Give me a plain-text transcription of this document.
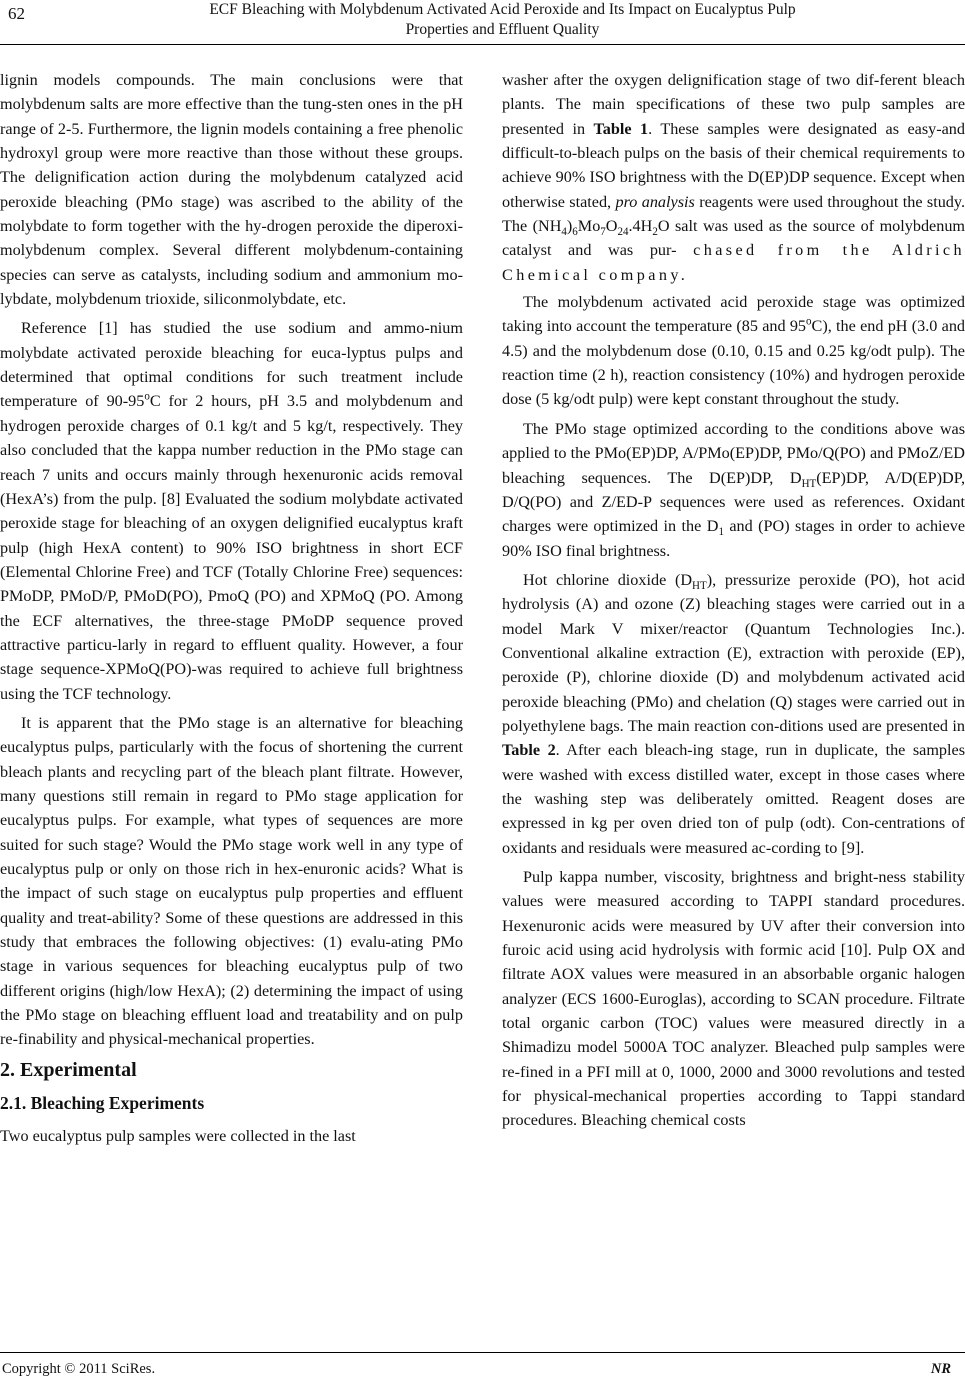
62	ECF Bleaching with Molybdenum Activated Acid Peroxide and Its Impact on Eucalyptus Pulp
Properties and Effluent Quality

lignin models compounds. The main conclusions were that molybdenum salts are more effective than the tung-sten ones in the pH range of 2-5. Furthermore, the lignin models containing a free phenolic hydroxyl group were more reactive than those without these groups. The delignification action during the molybdenum catalyzed acid peroxide bleaching (PMo stage) was ascribed to the ability of the molybdate to form together with the hy-drogen peroxide the diperoxi-molybdenum complex. Several different molybdenum-containing species can serve as catalysts, including sodium and ammonium mo-lybdate, molybdenum trioxide, siliconmolybdate, etc.

Reference [1] has studied the use sodium and ammo-nium molybdate activated peroxide bleaching for euca-lyptus pulps and determined that optimal conditions for such treatment include temperature of 90-95$^o$C for 2 hours, pH 3.5 and molybdenum and hydrogen peroxide charges of 0.1 kg/t and 5 kg/t, respectively. They also concluded that the kappa number reduction in the PMo stage can reach 7 units and occurs mainly through hexenuronic acids removal (HexA’s) from the pulp. [8] Evaluated the sodium molybdate activated peroxide stage for bleaching of an oxygen delignified eucalyptus kraft pulp (high HexA content) to 90% ISO brightness in short ECF (Elemental Chlorine Free) and TCF (Totally Chlorine Free) sequences: PMoDP, PMoD/P, PMoD(PO), PmoQ (PO) and XPMoQ (PO. Among the ECF alternatives, the three-stage PMoDP sequence proved attractive particu-larly in regard to effluent quality. However, a four stage sequence-XPMoQ(PO)-was required to achieve full brightness using the TCF technology.

It is apparent that the PMo stage is an alternative for bleaching eucalyptus pulps, particularly with the focus of shortening the current bleach plants and recycling part of the bleach plant filtrate. However, many questions still remain in regard to PMo stage application for eucalyptus pulps. For example, what types of sequences are more suited for such stage? Would the PMo stage work well in any type of eucalyptus pulp or only on those rich in hex-enuronic acids? What is the impact of such stage on eucalyptus pulp properties and effluent quality and treat-ability? Some of these questions are addressed in this study that embraces the following objectives: (1) evalu-ating PMo stage in various sequences for bleaching eucalyptus pulp of two different origins (high/low HexA); (2) determining the impact of using the PMo stage on bleaching effluent load and treatability and on pulp re-finability and physical-mechanical properties.

2. Experimental
2.1. Bleaching Experiments

Two eucalyptus pulp samples were collected in the last

washer after the oxygen delignification stage of two dif-ferent bleach plants. The main specifications of these two pulp samples are presented in Table 1. These samples were designated as easy-and difficult-to-bleach pulps on the basis of their chemical requirements to achieve 90% ISO brightness with the D(EP)DP sequence. Except when otherwise stated, pro analysis reagents were used throughout the study. The $(NH_4)_6Mo_7O_{24}.4H_2O$ salt was used as the source of molybdenum catalyst and was pur- chased from the Aldrich Chemical company.

The molybdenum activated acid peroxide stage was optimized taking into account the temperature (85 and 95$^o$C), the end pH (3.0 and 4.5) and the molybdenum dose (0.10, 0.15 and 0.25 kg/odt pulp). The reaction time (2 h), reaction consistency (10%) and hydrogen peroxide dose (5 kg/odt pulp) were kept constant throughout the study.

The PMo stage optimized according to the conditions above was applied to the PMo(EP)DP, A/PMo(EP)DP, PMo/Q(PO) and PMoZ/ED bleaching sequences. The D(EP)DP, $D_{HT}(EP)DP$, A/D(EP)DP, D/Q(PO) and Z/ED-P sequences were used as references. Oxidant charges were optimized in the $D_1$ and (PO) stages in order to achieve 90% ISO final brightness.

Hot chlorine dioxide $(D_{HT})$, pressurize peroxide (PO), hot acid hydrolysis (A) and ozone (Z) bleaching stages were carried out in a model Mark V mixer/reactor (Quantum Technologies Inc.). Conventional alkaline extraction (E), extraction with peroxide (EP), peroxide (P), chlorine dioxide (D) and molybdenum activated acid peroxide bleaching (PMo) and chelation (Q) stages were carried out in polyethylene bags. The main reaction con-ditions used are presented in Table 2. After each bleach-ing stage, run in duplicate, the samples were washed with excess distilled water, except in those cases where the washing step was deliberately omitted. Reagent doses are expressed in kg per oven dried ton of pulp (odt). Con-centrations of oxidants and residuals were measured ac-cording to [9].

Pulp kappa number, viscosity, brightness and bright-ness stability values were measured according to TAPPI standard procedures. Hexenuronic acids were measured by UV after their conversion into furoic acid using acid hydrolysis with formic acid [10]. Pulp OX and filtrate AOX values were measured in an absorbable organic halogen analyzer (ECS 1600-Euroglas), according to SCAN procedure. Filtrate total organic carbon (TOC) values were measured directly in a Shimadizu model 5000A TOC analyzer. Bleached pulp samples were re-fined in a PFI mill at 0, 1000, 2000 and 3000 revolutions and tested for physical-mechanical properties according to Tappi standard procedures. Bleaching chemical costs

Copyright © 2011 SciRes.	NR
